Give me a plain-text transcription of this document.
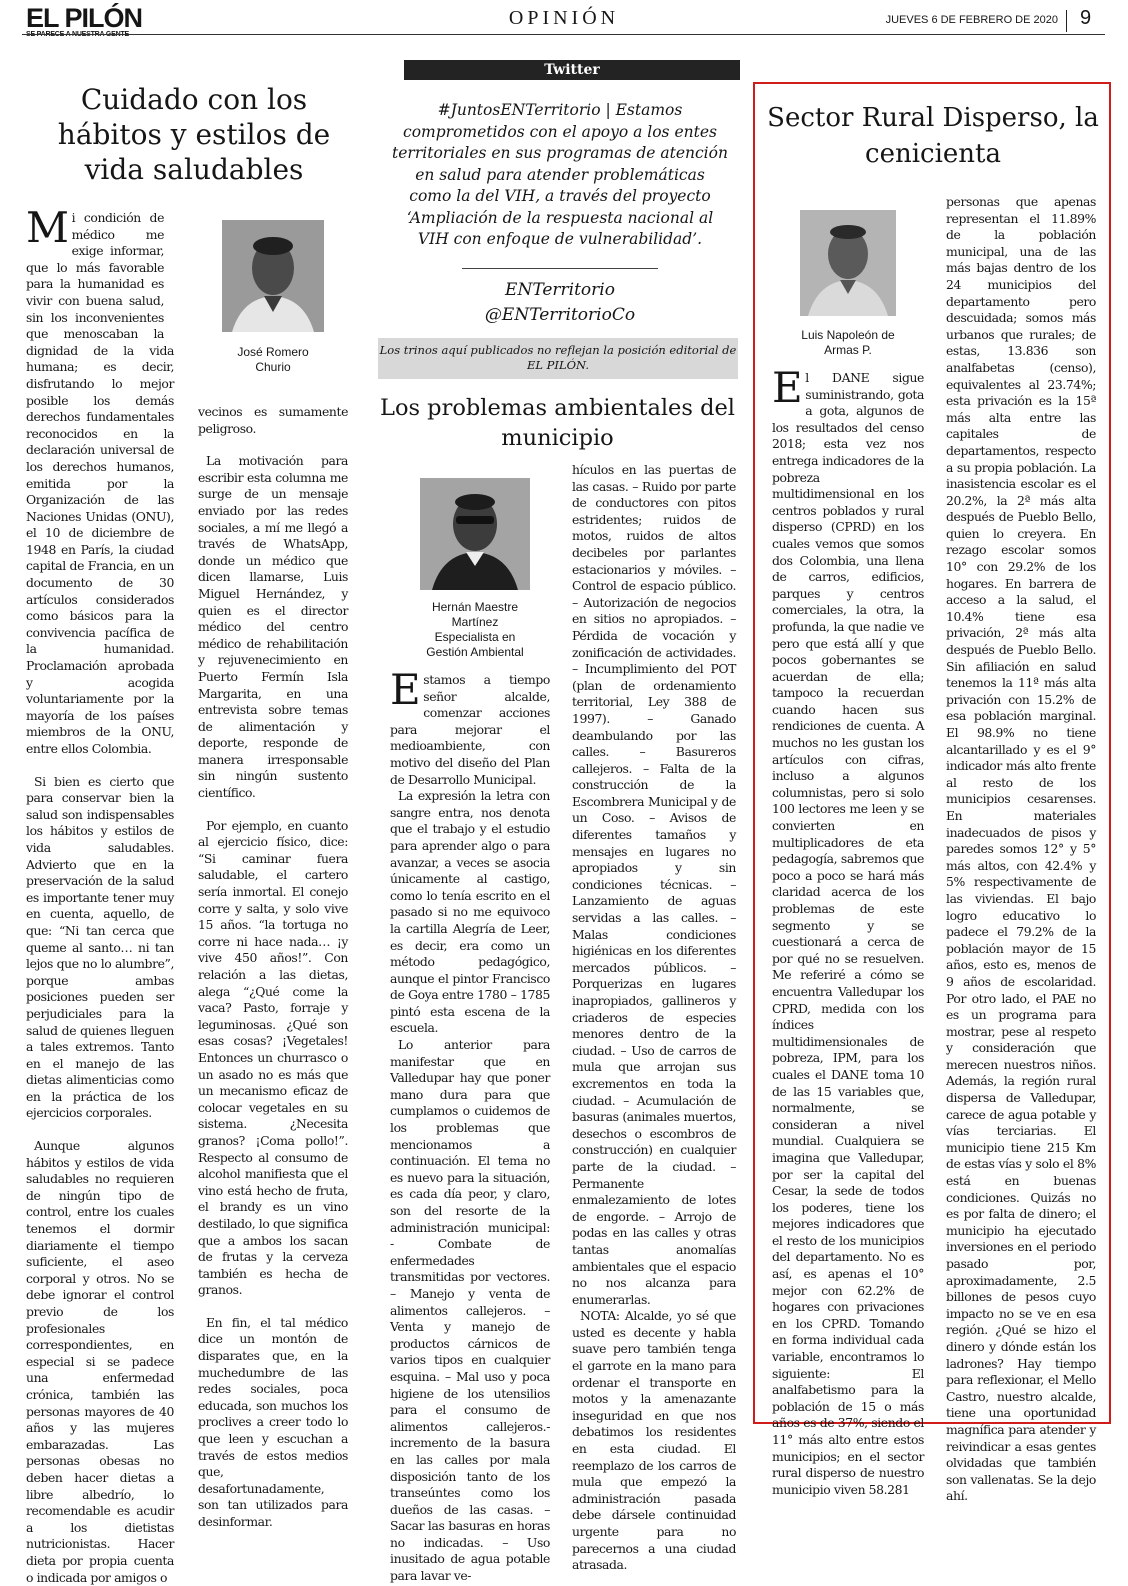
EL PILÓN	OPINIÓN	JUEVES 6 DE FEBRERO DE 2020 9
Cuidado con los hábitos y estilos de vida saludables
M i condición de médico me exige informar, que lo más favorable para la humanidad es vivir con buena salud, sin los inconvenientes que menoscaban la dignidad de la vida humana; es decir, disfrutando lo mejor posible los demás derechos fundamentales reconocidos en la declaración universal de los derechos humanos, emitida por la Organización de las Naciones Unidas (ONU), el 10 de diciembre de 1948 en París, la ciudad capital de Francia, en un documento de 30 artículos considerados como básicos para la convivencia pacífica de la humanidad. Proclamación aprobada y acogida voluntariamente por la mayoría de los países miembros de la ONU, entre ellos Colombia.

Si bien es cierto que para conservar bien la salud son indispensables los hábitos y estilos de vida saludables. Advierto que en la preservación de la salud es importante tener muy en cuenta, aquello, de que: “Ni tan cerca que queme al santo… ni tan lejos que no lo alumbre”, porque ambas posiciones pueden ser perjudiciales para la salud de quienes lleguen a tales extremos. Tanto en el manejo de las dietas alimenticias como en la práctica de los ejercicios corporales.

Aunque algunos hábitos y estilos de vida saludables no requieren de ningún tipo de control, entre los cuales tenemos el dormir diariamente el tiempo suficiente, el aseo corporal y otros. No se debe ignorar el control previo de los profesionales correspondientes, en especial si se padece una enfermedad crónica, también las personas mayores de 40 años y las mujeres embarazadas. Las personas obesas no deben hacer dietas a libre albedrío, lo recomendable es acudir a los dietistas nutricionistas. Hacer dieta por propia cuenta o indicada por amigos o

José Romero
Churio

vecinos es sumamente peligroso.

La motivación para escribir esta columna me surge de un mensaje enviado por las redes sociales, a mí me llegó a través de WhatsApp, donde un médico que dicen llamarse, Luis Miguel Hernández, y quien es el director médico del centro médico de rehabilitación y rejuvenecimiento en Puerto Fermín Isla Margarita, en una entrevista sobre temas de alimentación y deporte, responde de manera irresponsable sin ningún sustento científico.

Por ejemplo, en cuanto al ejercicio físico, dice: “Si caminar fuera saludable, el cartero sería inmortal. El conejo corre y salta, y solo vive 15 años. “la tortuga no corre ni hace nada… ¡y vive 450 años!”. Con relación a las dietas, alega “¿Qué come la vaca? Pasto, forraje y leguminosas. ¿Qué son esas cosas? ¡Vegetales! Entonces un churrasco o un asado no es más que un mecanismo eficaz de colocar vegetales en su sistema. ¿Necesita granos? ¡Coma pollo!”. Respecto al consumo de alcohol manifiesta que el vino está hecho de fruta, el brandy es un vino destilado, lo que significa que a ambos los sacan de frutas y la cerveza también es hecha de granos.

En fin, el tal médico dice un montón de disparates que, en la muchedumbre de las redes sociales, poca educada, son muchos los proclives a creer todo lo que leen y escuchan a través de estos medios que, desafortunadamente, son tan utilizados para desinformar.

Twitter
#JuntosENTerritorio | Estamos comprometidos con el apoyo a los entes territoriales en sus programas de atención en salud para atender problemáticas como la del VIH, a través del proyecto ‘Ampliación de la respuesta nacional al VIH con enfoque de vulnerabilidad’.
ENTerritorio
@ENTerritorioCo
Los trinos aquí publicados no reflejan la posición editorial de EL PILÓN.
Los problemas ambientales del municipio
Hernán Maestre
Martínez
Especialista en
Gestión Ambiental
E stamos a tiempo señor alcalde, comenzar acciones para mejorar el medioambiente, con motivo del diseño del Plan de Desarrollo Municipal.

La expresión la letra con sangre entra, nos denota que el trabajo y el estudio para aprender algo o para avanzar, a veces se asocia únicamente al castigo, como lo tenía escrito en el pasado si no me equivoco la cartilla Alegría de Leer, es decir, era como un método pedagógico, aunque el pintor Francisco de Goya entre 1780 – 1785 pintó esta escena de la escuela.

Lo anterior para manifestar que en Valledupar hay que poner mano dura para que cumplamos o cuidemos de los problemas que mencionamos a continuación. El tema no es nuevo para la situación, es cada día peor, y claro, son del resorte de la administración municipal: - Combate de enfermedades transmitidas por vectores. – Manejo y venta de alimentos callejeros. – Venta y manejo de productos cárnicos de varios tipos en cualquier esquina. – Mal uso y poca higiene de los utensilios para el consumo de alimentos callejeros.- incremento de la basura en las calles por mala disposición tanto de los transeúntes como los dueños de las casas. – Sacar las basuras en horas no indicadas. – Uso inusitado de agua potable para lavar ve-

hículos en las puertas de las casas. – Ruido por parte de conductores con pitos estridentes; ruidos de motos, ruidos de altos decibeles por parlantes estacionarios y móviles. – Control de espacio público. – Autorización de negocios en sitios no apropiados. – Pérdida de vocación y zonificación de actividades. – Incumplimiento del POT (plan de ordenamiento territorial, Ley 388 de 1997). – Ganado deambulando por las calles. – Basureros callejeros. – Falta de la construcción de la Escombrera Municipal y de un Coso. – Avisos de diferentes tamaños y mensajes en lugares no apropiados y sin condiciones técnicas. – Lanzamiento de aguas servidas a las calles. – Malas condiciones higiénicas en los diferentes mercados públicos. – Porquerizas en lugares inapropiados, gallineros y criaderos de especies menores dentro de la ciudad. – Uso de carros de mula que arrojan sus excrementos en toda la ciudad. – Acumulación de basuras (animales muertos, desechos o escombros de construcción) en cualquier parte de la ciudad. – Permanente enmalezamiento de lotes de engorde. – Arrojo de podas en las calles y otras tantas anomalías ambientales que el espacio no nos alcanza para enumerarlas.

NOTA: Alcalde, yo sé que usted es decente y habla suave pero también tenga el garrote en la mano para ordenar el transporte en motos y la amenazante inseguridad en que nos debatimos los residentes en esta ciudad. El reemplazo de los carros de mula que empezó la administración pasada debe dársele continuidad urgente para no parecernos a una ciudad atrasada.

Sector Rural Disperso, la cenicienta
Luis Napoleón de
Armas P.
E l DANE sigue suministrando, gota a gota, algunos de los resultados del censo 2018; esta vez nos entrega indicadores de la pobreza multidimensional en los centros poblados y rural disperso (CPRD) en los cuales vemos que somos dos Colombia, una llena de carros, edificios, parques y centros comerciales, la otra, la profunda, la que nadie ve pero que está allí y que pocos gobernantes se acuerdan de ella; tampoco la recuerdan cuando hacen sus rendiciones de cuenta. A muchos no les gustan los artículos con cifras, incluso a algunos columnistas, pero si solo 100 lectores me leen y se convierten en multiplicadores de eta pedagogía, sabremos que poco a poco se hará más claridad acerca de los problemas de este segmento y se cuestionará a cerca de por qué no se resuelven. Me referiré a cómo se encuentra Valledupar los CPRD, medida con los índices multidimensionales de pobreza, IPM, para los cuales el DANE toma 10 de las 15 variables que, normalmente, se consideran a nivel mundial. Cualquiera se imagina que Valledupar, por ser la capital del Cesar, la sede de todos los poderes, tiene los mejores indicadores que el resto de los municipios del departamento. No es así, es apenas el 10° mejor con 62.2% de hogares con privaciones en los CPRD. Tomando en forma individual cada variable, encontramos lo siguiente: El analfabetismo para la población de 15 o más años es de 37%, siendo el 11° más alto entre estos municipios; en el sector rural disperso de nuestro municipio viven 58.281

personas que apenas representan el 11.89% de la población municipal, una de las más bajas dentro de los 24 municipios del departamento pero descuidada; somos más urbanos que rurales; de estas, 13.836 son analfabetas (censo), equivalentes al 23.74%; esta privación es la 15ª más alta entre las capitales de departamentos, respecto a su propia población. La inasistencia escolar es el 20.2%, la 2ª más alta después de Pueblo Bello, quien lo creyera. En rezago escolar somos 10° con 29.2% de los hogares. En barrera de acceso a la salud, el 10.4% tiene esa privación, 2ª más alta después de Pueblo Bello. Sin afiliación en salud tenemos la 11ª más alta privación con 15.2% de esa población marginal. El 98.9% no tiene alcantarillado y es el 9° indicador más alto frente al resto de los municipios cesarenses. En materiales inadecuados de pisos y paredes somos 12° y 5° más altos, con 42.4% y 5% respectivamente de las viviendas. El bajo logro educativo lo padece el 79.2% de la población mayor de 15 años, esto es, menos de 9 años de escolaridad. Por otro lado, el PAE no es un programa para mostrar, pese al respeto y consideración que merecen nuestros niños. Además, la región rural dispersa de Valledupar, carece de agua potable y vías terciarias. El municipio tiene 215 Km de estas vías y solo el 8% está en buenas condiciones. Quizás no es por falta de dinero; el municipio ha ejecutado inversiones en el periodo pasado por, aproximadamente, 2.5 billones de pesos cuyo impacto no se ve en esa región. ¿Qué se hizo el dinero y dónde están los ladrones? Hay tiempo para reflexionar, el Mello Castro, nuestro alcalde, tiene una oportunidad magnífica para atender y reivindicar a esas gentes olvidadas que también son vallenatas. Se la dejo ahí.
